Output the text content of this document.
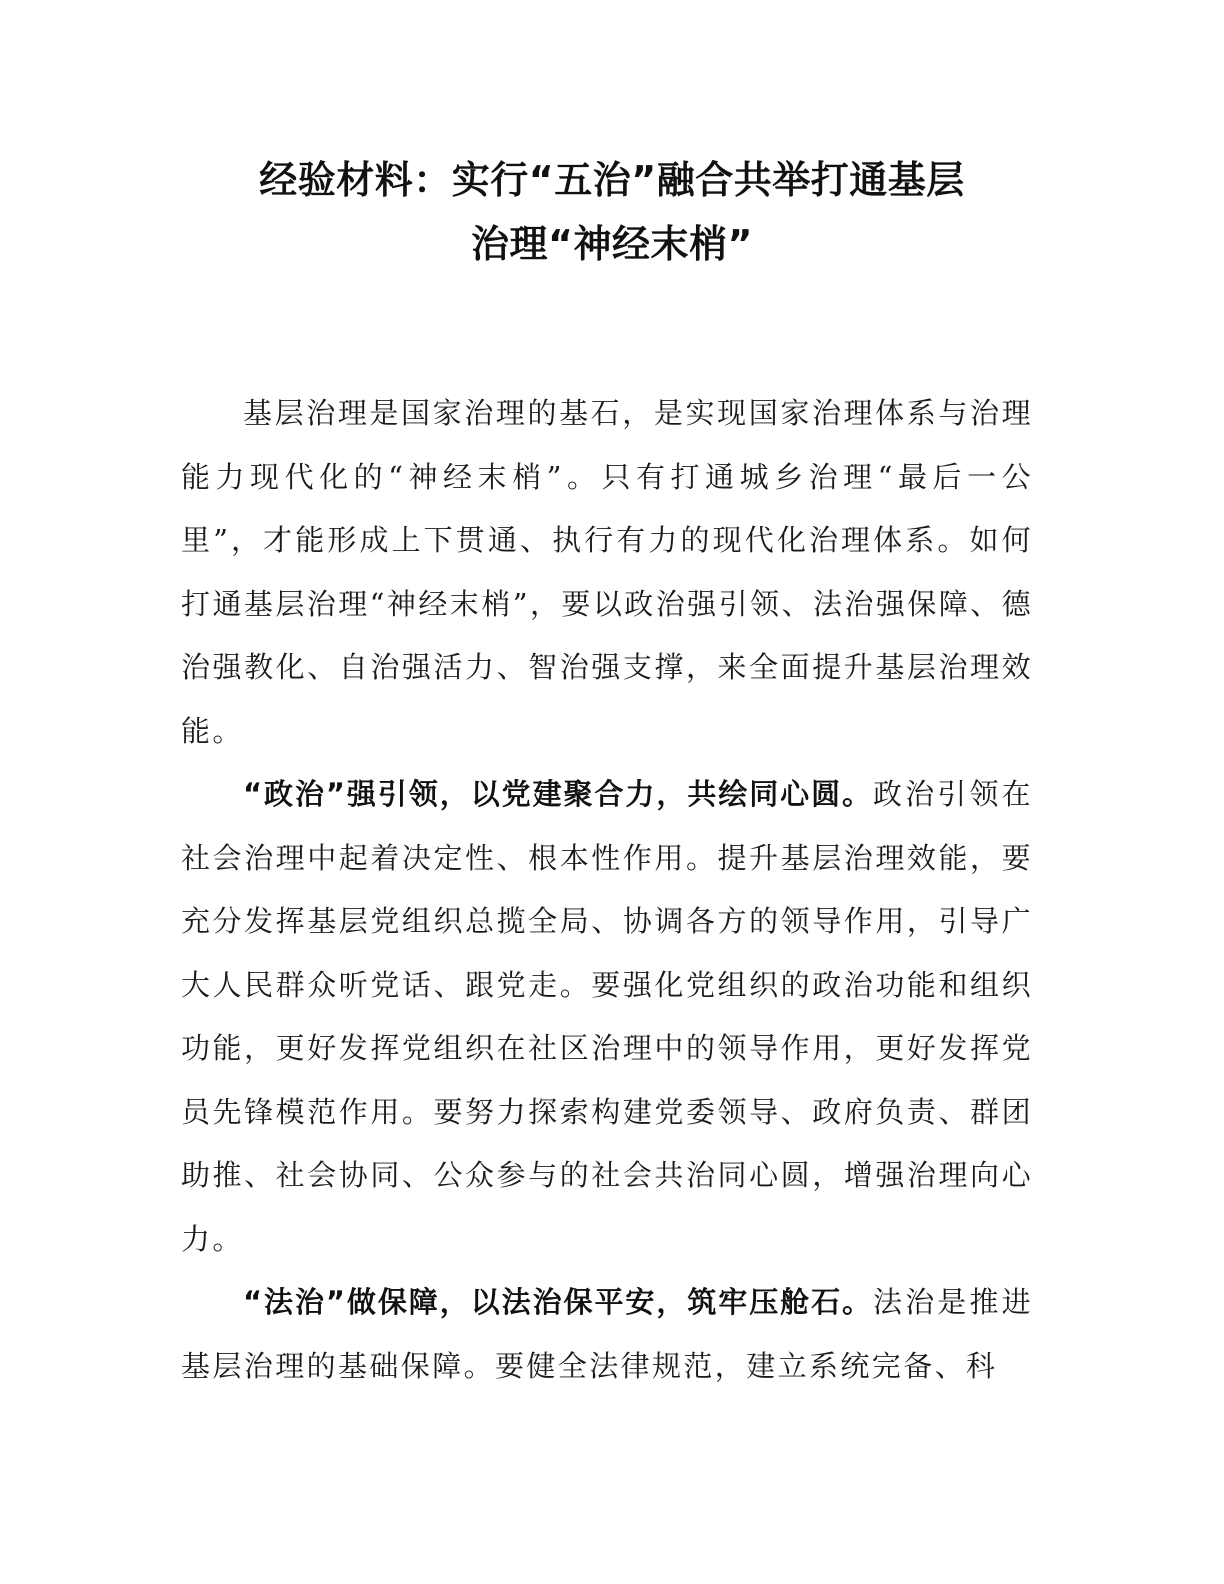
经验材料：实行“五治”融合共举打通基层
治理“神经末梢”

基层治理是国家治理的基石，是实现国家治理体系与治理能力现代化的“神经末梢”。只有打通城乡治理“最后一公里”，才能形成上下贯通、执行有力的现代化治理体系。如何打通基层治理“神经末梢”，要以政治强引领、法治强保障、德治强教化、自治强活力、智治强支撑，来全面提升基层治理效能。

“政治”强引领，以党建聚合力，共绘同心圆。政治引领在社会治理中起着决定性、根本性作用。提升基层治理效能，要充分发挥基层党组织总揽全局、协调各方的领导作用，引导广大人民群众听党话、跟党走。要强化党组织的政治功能和组织功能，更好发挥党组织在社区治理中的领导作用，更好发挥党员先锋模范作用。要努力探索构建党委领导、政府负责、群团助推、社会协同、公众参与的社会共治同心圆，增强治理向心力。

“法治”做保障，以法治保平安，筑牢压舱石。法治是推进基层治理的基础保障。要健全法律规范，建立系统完备、科
